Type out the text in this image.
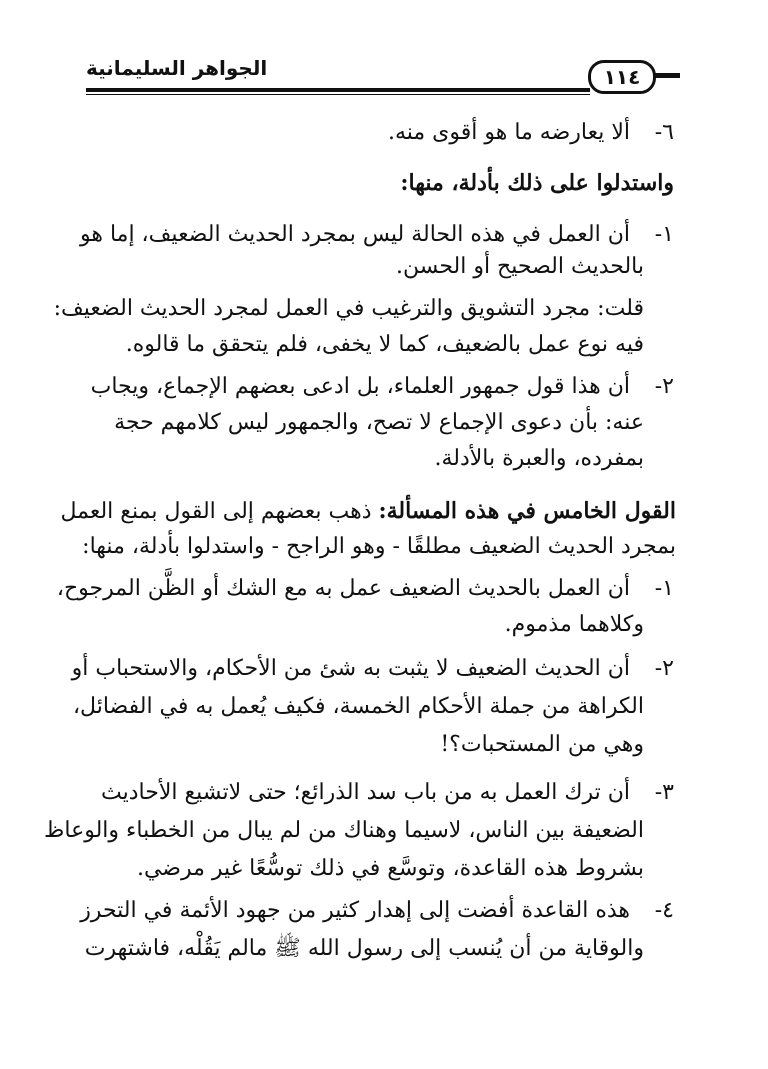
الجواهر السليمانية	١١٤
٦-ألا يعارضه ما هو أقوى منه.
واستدلوا على ذلك بأدلة، منها:
١-أن العمل في هذه الحالة ليس بمجرد الحديث الضعيف، إما هو
بالحديث الصحيح أو الحسن.
قلت: مجرد التشويق والترغيب في العمل لمجرد الحديث الضعيف:
فيه نوع عمل بالضعيف، كما لا يخفى، فلم يتحقق ما قالوه.
٢-أن هذا قول جمهور العلماء، بل ادعى بعضهم الإجماع، ويجاب
عنه: بأن دعوى الإجماع لا تصح، والجمهور ليس كلامهم حجة
بمفرده، والعبرة بالأدلة.
القول الخامس في هذه المسألة: ذهب بعضهم إلى القول بمنع العمل
بمجرد الحديث الضعيف مطلقًا - وهو الراجح - واستدلوا بأدلة، منها:
١-أن العمل بالحديث الضعيف عمل به مع الشك أو الظَّن المرجوح،
وكلاهما مذموم.
٢-أن الحديث الضعيف لا يثبت به شئ من الأحكام، والاستحباب أو
الكراهة من جملة الأحكام الخمسة، فكيف يُعمل به في الفضائل،
وهي من المستحبات؟!
٣-أن ترك العمل به من باب سد الذرائع؛ حتى لاتشيع الأحاديث
الضعيفة بين الناس، لاسيما وهناك من لم يبال من الخطباء والوعاظ
بشروط هذه القاعدة، وتوسَّع في ذلك توسُّعًا غير مرضي.
٤-هذه القاعدة أفضت إلى إهدار كثير من جهود الأئمة في التحرز
والوقاية من أن يُنسب إلى رسول الله ﷺ مالم يَقُلْه، فاشتهرت
